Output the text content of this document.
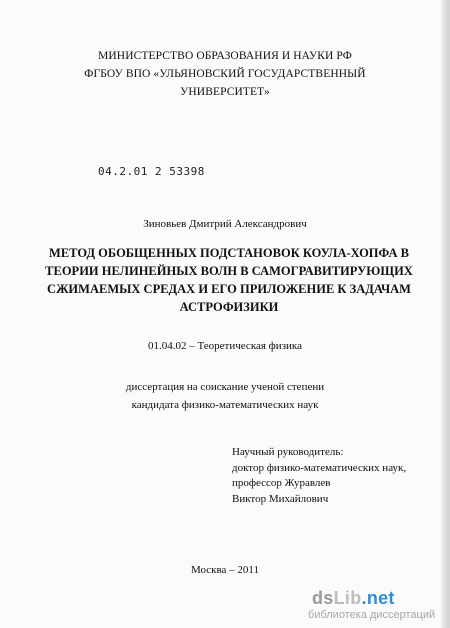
МИНИСТЕРСТВО ОБРАЗОВАНИЯ И НАУКИ РФ
ФГБОУ ВПО «УЛЬЯНОВСКИЙ ГОСУДАРСТВЕННЫЙ
УНИВЕРСИТЕТ»
04.2.01 2 53398
Зиновьев Дмитрий Александрович
МЕТОД ОБОБЩЕННЫХ ПОДСТАНОВОК КОУЛА-ХОПФА В
ТЕОРИИ НЕЛИНЕЙНЫХ ВОЛН В САМОГРАВИТИРУЮЩИХ
СЖИМАЕМЫХ СРЕДАХ И ЕГО ПРИЛОЖЕНИЕ К ЗАДАЧАМ
АСТРОФИЗИКИ
01.04.02 – Теоретическая физика
диссертация на соискание ученой степени
кандидата физико-математических наук
Научный руководитель:
доктор физико-математических наук,
профессор Журавлев
Виктор Михайлович
Москва – 2011
dsLib.net
библиотека диссертаций
